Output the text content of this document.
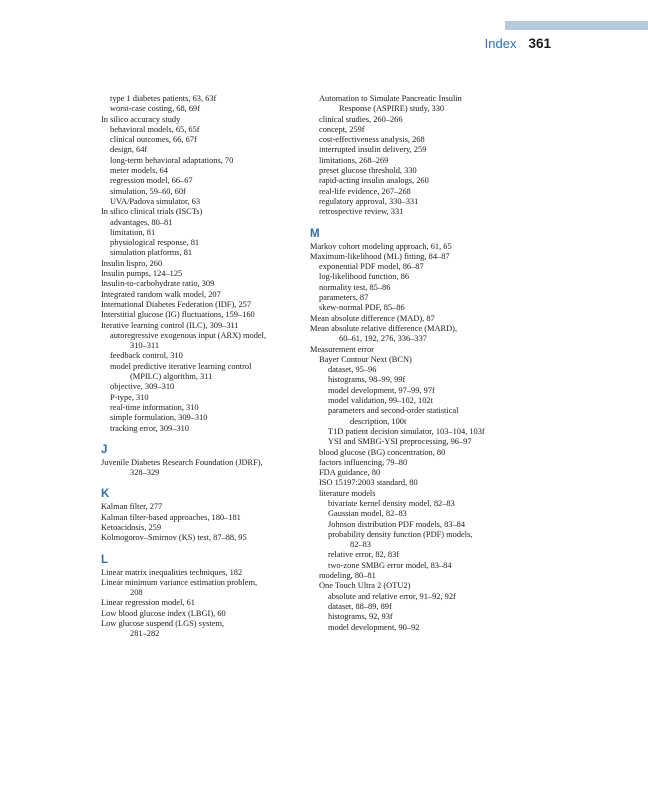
Index 361
type 1 diabetes patients, 63, 63f
worst-case costing, 68, 69f
In silico accuracy study
behavioral models, 65, 65f
clinical outcomes, 66, 67f
design, 64f
long-term behavioral adaptations, 70
meter models, 64
regression model, 66–67
simulation, 59–60, 60f
UVA/Padova simulator, 63
In silico clinical trials (ISCTs)
advantages, 80–81
limitation, 81
physiological response, 81
simulation platforms, 81
Insulin lispro, 260
Insulin pumps, 124–125
Insulin-to-carbohydrate ratio, 309
Integrated random walk model, 207
International Diabetes Federation (IDF), 257
Interstitial glucose (IG) fluctuations, 159–160
Iterative learning control (ILC), 309–311
autoregressive exogenous input (ARX) model,
310–311
feedback control, 310
model predictive iterative learning control
(MPILC) algorithm, 311
objective, 309–310
P-type, 310
real-time information, 310
simple formulation, 309–310
tracking error, 309–310
J
Juvenile Diabetes Research Foundation (JDRF),
328–329
K
Kalman filter, 277
Kalman filter-based approaches, 180–181
Ketoacidosis, 259
Kolmogorov–Smirnov (KS) test, 87–88, 95
L
Linear matrix inequalities techniques, 182
Linear minimum variance estimation problem,
208
Linear regression model, 61
Low blood glucose index (LBGI), 60
Low glucose suspend (LGS) system,
281–282
Automation to Simulate Pancreatic Insulin
Response (ASPIRE) study, 330
clinical studies, 260–266
concept, 259f
cost-effectiveness analysis, 268
interrupted insulin delivery, 259
limitations, 268–269
preset glucose threshold, 330
rapid-acting insulin analogs, 260
real-life evidence, 267–268
regulatory approval, 330–331
retrospective review, 331
M
Markov cohort modeling approach, 61, 65
Maximum-likelihood (ML) fitting, 84–87
exponential PDF model, 86–87
log-likelihood function, 86
normality test, 85–86
parameters, 87
skew-normal PDF, 85–86
Mean absolute difference (MAD), 87
Mean absolute relative difference (MARD),
60–61, 192, 276, 336–337
Measurement error
Bayer Contour Next (BCN)
dataset, 95–96
histograms, 98–99, 99f
model development, 97–99, 97f
model validation, 99–102, 102t
parameters and second-order statistical
description, 100t
T1D patient decision simulator, 103–104, 103f
YSI and SMBG-YSI preprocessing, 96–97
blood glucose (BG) concentration, 80
factors influencing, 79–80
FDA guidance, 80
ISO 15197:2003 standard, 80
literature models
bivariate kernel density model, 82–83
Gaussian model, 82–83
Johnson distribution PDF models, 83–84
probability density function (PDF) models,
82–83
relative error, 82, 83f
two-zone SMBG error model, 83–84
modeling, 80–81
One Touch Ultra 2 (OTU2)
absolute and relative error, 91–92, 92f
dataset, 88–89, 89f
histograms, 92, 93f
model development, 90–92
